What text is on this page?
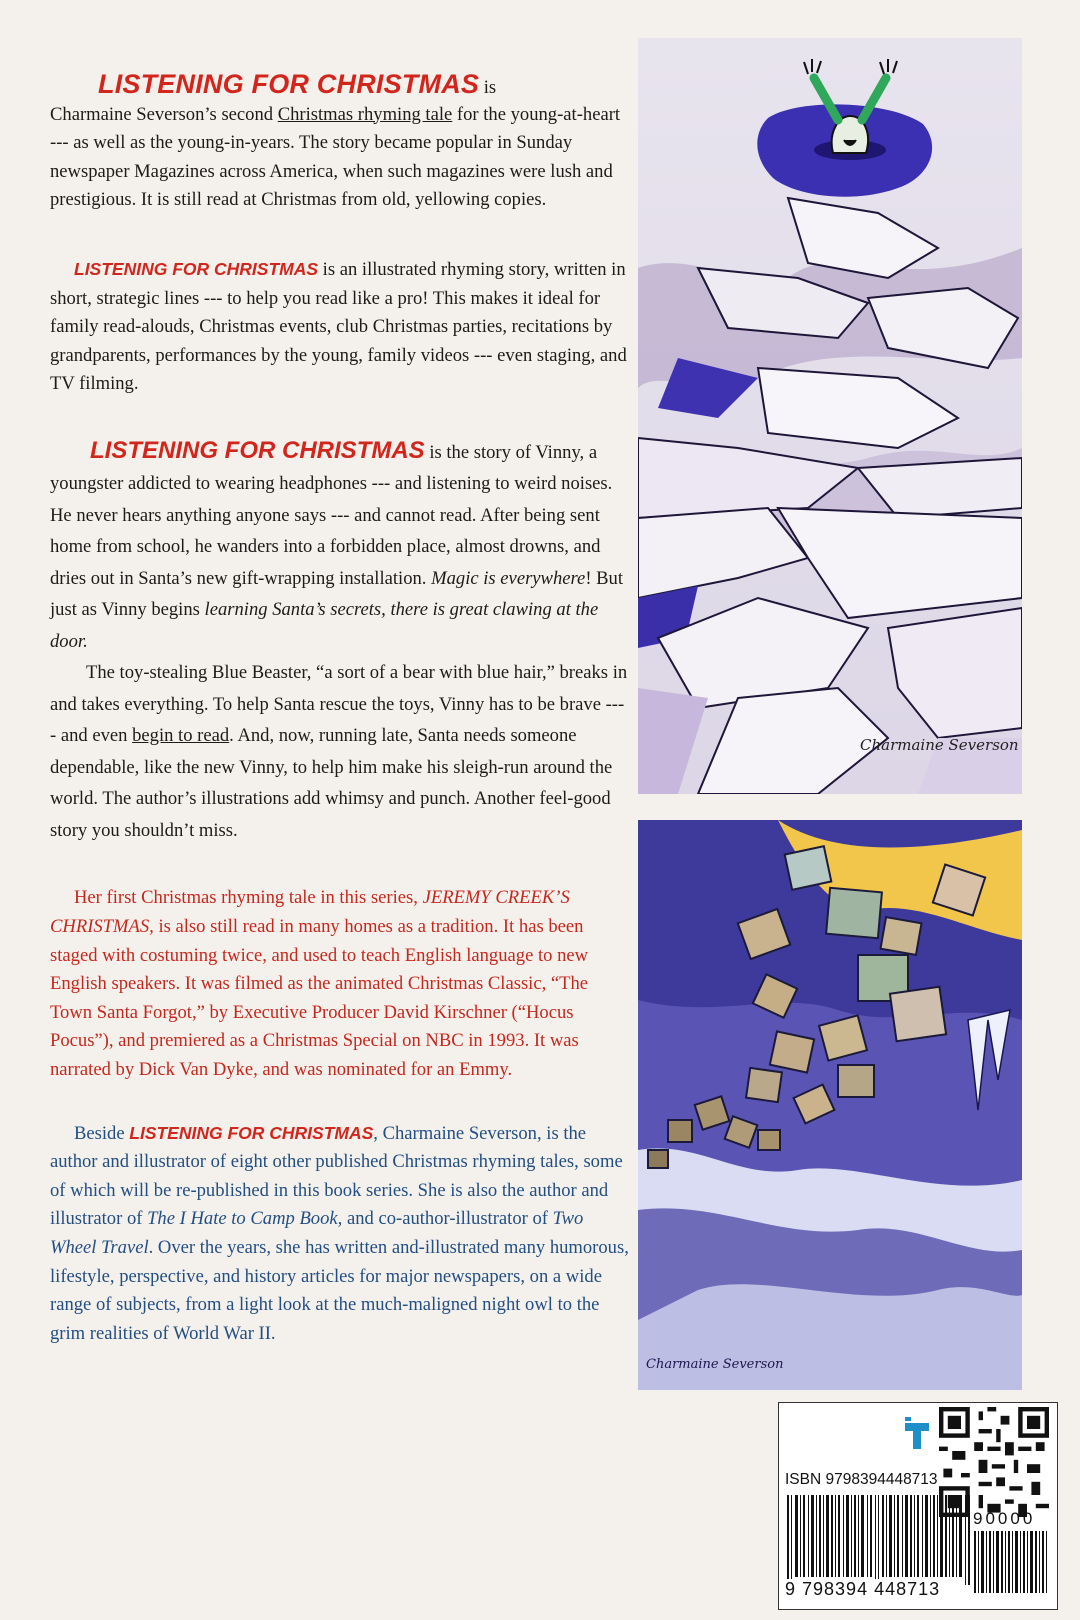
LISTENING FOR CHRISTMAS is

Charmaine Severson’s second Christmas rhyming tale for the young-at-heart --- as well as the young-in-years. The story became popular in Sunday newspaper Magazines across America, when such magazines were lush and prestigious. It is still read at Christmas from old, yellowing copies.

LISTENING FOR CHRISTMAS is an illustrated rhyming story, written in short, strategic lines --- to help you read like a pro! This makes it ideal for family read-alouds, Christmas events, club Christmas parties, recitations by grandparents, performances by the young, family videos --- even staging, and TV filming.

LISTENING FOR CHRISTMAS is the story of Vinny, a youngster addicted to wearing headphones --- and listening to weird noises. He never hears anything anyone says --- and cannot read. After being sent home from school, he wanders into a forbidden place, almost drowns, and dries out in Santa’s new gift-wrapping installation. Magic is everywhere! But just as Vinny begins learning Santa’s secrets, there is great clawing at the door.

The toy-stealing Blue Beaster, “a sort of a bear with blue hair,” breaks in and takes everything. To help Santa rescue the toys, Vinny has to be brave ---- and even begin to read. And, now, running late, Santa needs someone dependable, like the new Vinny, to help him make his sleigh-run around the world. The author’s illustrations add whimsy and punch. Another feel-good story you shouldn’t miss.

Her first Christmas rhyming tale in this series, JEREMY CREEK’S CHRISTMAS, is also still read in many homes as a tradition. It has been staged with costuming twice, and used to teach English language to new English speakers. It was filmed as the animated Christmas Classic, “The Town Santa Forgot,” by Executive Producer David Kirschner (“Hocus Pocus”), and premiered as a Christmas Special on NBC in 1993. It was narrated by Dick Van Dyke, and was nominated for an Emmy.

Beside LISTENING FOR CHRISTMAS, Charmaine Severson, is the author and illustrator of eight other published Christmas rhyming tales, some of which will be re-published in this book series. She is also the author and illustrator of The I Hate to Camp Book, and co-author-illustrator of Two Wheel Travel. Over the years, she has written and-illustrated many humorous, lifestyle, perspective, and history articles for major newspapers, on a wide range of subjects, from a light look at the much-maligned night owl to the grim realities of World War II.

Charmaine Severson
Charmaine Severson
ISBN 9798394448713
90000
9 798394 448713
